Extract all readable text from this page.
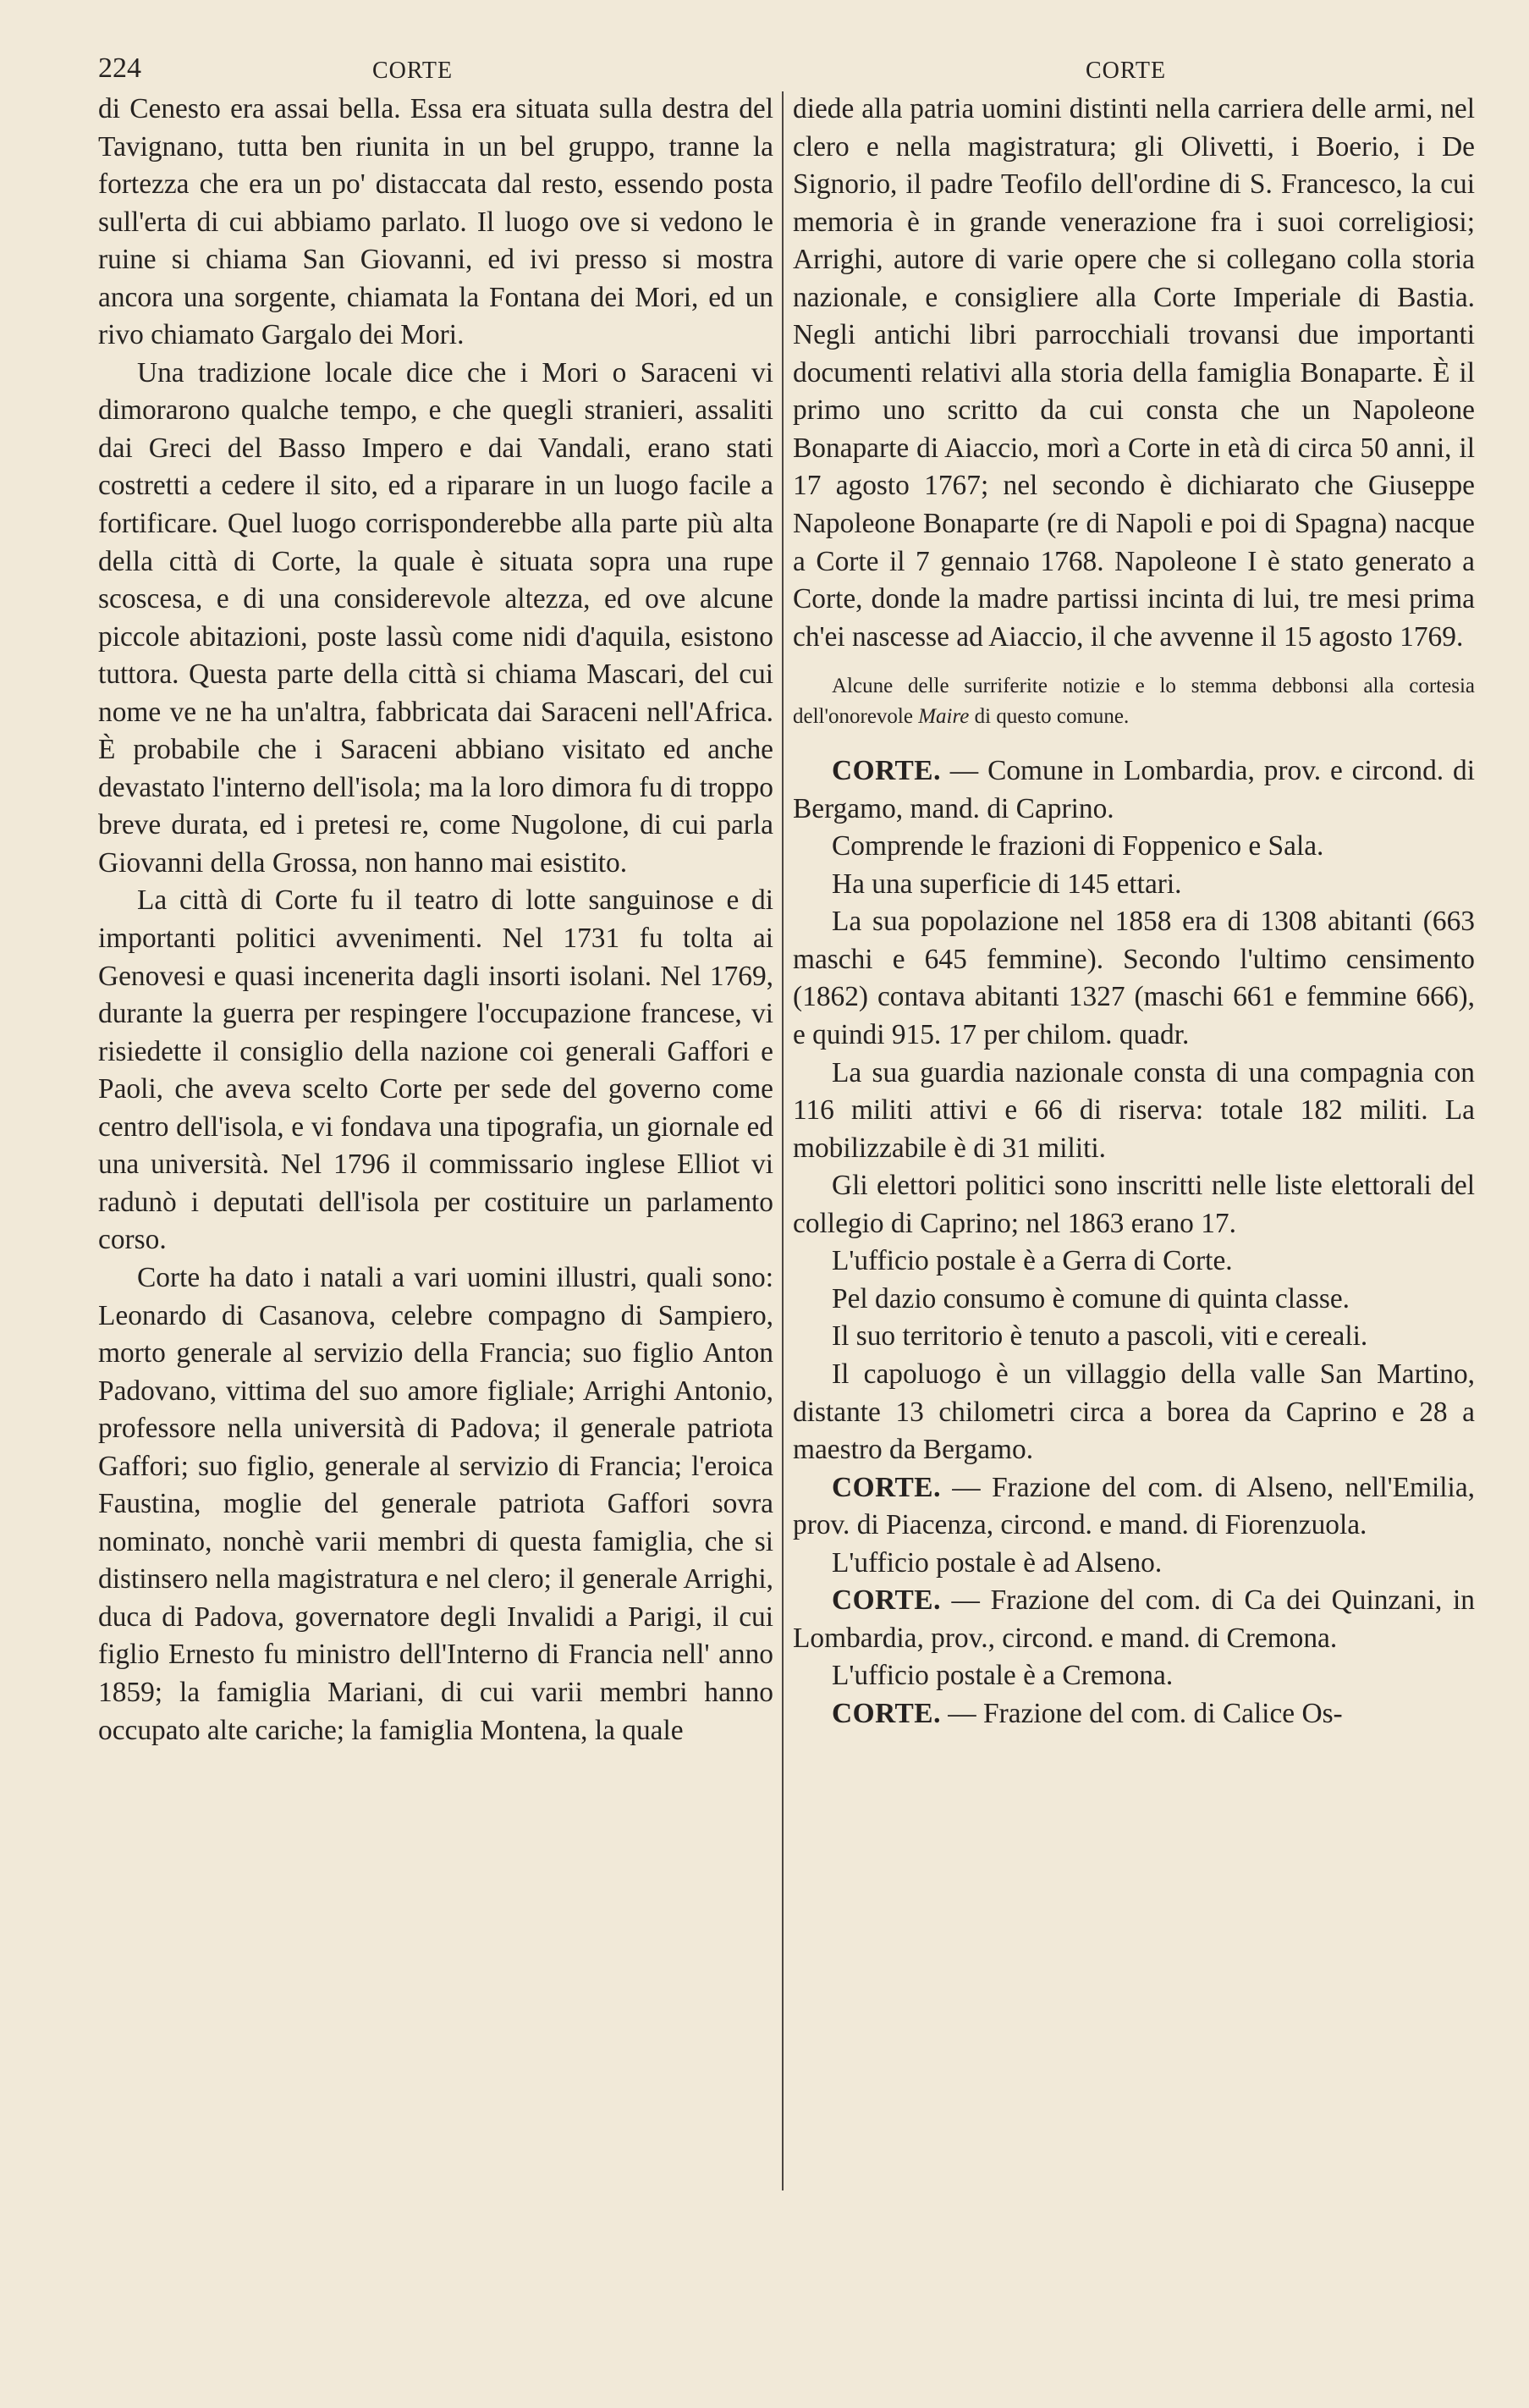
224	CORTE	CORTE

di Cenesto era assai bella. Essa era situata sulla destra del Tavignano, tutta ben riunita in un bel gruppo, tranne la fortezza che era un po' distaccata dal resto, essendo posta sull'erta di cui abbiamo parlato. Il luogo ove si vedono le ruine si chiama San Giovanni, ed ivi presso si mostra ancora una sorgente, chiamata la Fontana dei Mori, ed un rivo chiamato Gargalo dei Mori.

Una tradizione locale dice che i Mori o Saraceni vi dimorarono qualche tempo, e che quegli stranieri, assaliti dai Greci del Basso Impero e dai Vandali, erano stati costretti a cedere il sito, ed a riparare in un luogo facile a fortificare. Quel luogo corrisponderebbe alla parte più alta della città di Corte, la quale è situata sopra una rupe scoscesa, e di una considerevole altezza, ed ove alcune piccole abitazioni, poste lassù come nidi d'aquila, esistono tuttora. Questa parte della città si chiama Mascari, del cui nome ve ne ha un'altra, fabbricata dai Saraceni nell'Africa. È probabile che i Saraceni abbiano visitato ed anche devastato l'interno dell'isola; ma la loro dimora fu di troppo breve durata, ed i pretesi re, come Nugolone, di cui parla Giovanni della Grossa, non hanno mai esistito.

La città di Corte fu il teatro di lotte sanguinose e di importanti politici avvenimenti. Nel 1731 fu tolta ai Genovesi e quasi incenerita dagli insorti isolani. Nel 1769, durante la guerra per respingere l'occupazione francese, vi risiedette il consiglio della nazione coi generali Gaffori e Paoli, che aveva scelto Corte per sede del governo come centro dell'isola, e vi fondava una tipografia, un giornale ed una università. Nel 1796 il commissario inglese Elliot vi radunò i deputati dell'isola per costituire un parlamento corso.

Corte ha dato i natali a vari uomini illustri, quali sono: Leonardo di Casanova, celebre compagno di Sampiero, morto generale al servizio della Francia; suo figlio Anton Padovano, vittima del suo amore figliale; Arrighi Antonio, professore nella università di Padova; il generale patriota Gaffori; suo figlio, generale al servizio di Francia; l'eroica Faustina, moglie del generale patriota Gaffori sovra nominato, nonchè varii membri di questa famiglia, che si distinsero nella magistratura e nel clero; il generale Arrighi, duca di Padova, governatore degli Invalidi a Parigi, il cui figlio Ernesto fu ministro dell'Interno di Francia nell' anno 1859; la famiglia Mariani, di cui varii membri hanno occupato alte cariche; la famiglia Montena, la quale

diede alla patria uomini distinti nella carriera delle armi, nel clero e nella magistratura; gli Olivetti, i Boerio, i De Signorio, il padre Teofilo dell'ordine di S. Francesco, la cui memoria è in grande venerazione fra i suoi correligiosi; Arrighi, autore di varie opere che si collegano colla storia nazionale, e consigliere alla Corte Imperiale di Bastia. Negli antichi libri parrocchiali trovansi due importanti documenti relativi alla storia della famiglia Bonaparte. È il primo uno scritto da cui consta che un Napoleone Bonaparte di Aiaccio, morì a Corte in età di circa 50 anni, il 17 agosto 1767; nel secondo è dichiarato che Giuseppe Napoleone Bonaparte (re di Napoli e poi di Spagna) nacque a Corte il 7 gennaio 1768. Napoleone I è stato generato a Corte, donde la madre partissi incinta di lui, tre mesi prima ch'ei nascesse ad Aiaccio, il che avvenne il 15 agosto 1769.

Alcune delle surriferite notizie e lo stemma debbonsi alla cortesia dell'onorevole Maire di questo comune.

CORTE. — Comune in Lombardia, prov. e circond. di Bergamo, mand. di Caprino.

Comprende le frazioni di Foppenico e Sala.

Ha una superficie di 145 ettari.

La sua popolazione nel 1858 era di 1308 abitanti (663 maschi e 645 femmine). Secondo l'ultimo censimento (1862) contava abitanti 1327 (maschi 661 e femmine 666), e quindi 915. 17 per chilom. quadr.

La sua guardia nazionale consta di una compagnia con 116 militi attivi e 66 di riserva: totale 182 militi. La mobilizzabile è di 31 militi.

Gli elettori politici sono inscritti nelle liste elettorali del collegio di Caprino; nel 1863 erano 17.

L'ufficio postale è a Gerra di Corte.

Pel dazio consumo è comune di quinta classe.

Il suo territorio è tenuto a pascoli, viti e cereali.

Il capoluogo è un villaggio della valle San Martino, distante 13 chilometri circa a borea da Caprino e 28 a maestro da Bergamo.

CORTE. — Frazione del com. di Alseno, nell'Emilia, prov. di Piacenza, circond. e mand. di Fiorenzuola.

L'ufficio postale è ad Alseno.

CORTE. — Frazione del com. di Ca dei Quinzani, in Lombardia, prov., circond. e mand. di Cremona.

L'ufficio postale è a Cremona.

CORTE. — Frazione del com. di Calice Os-
